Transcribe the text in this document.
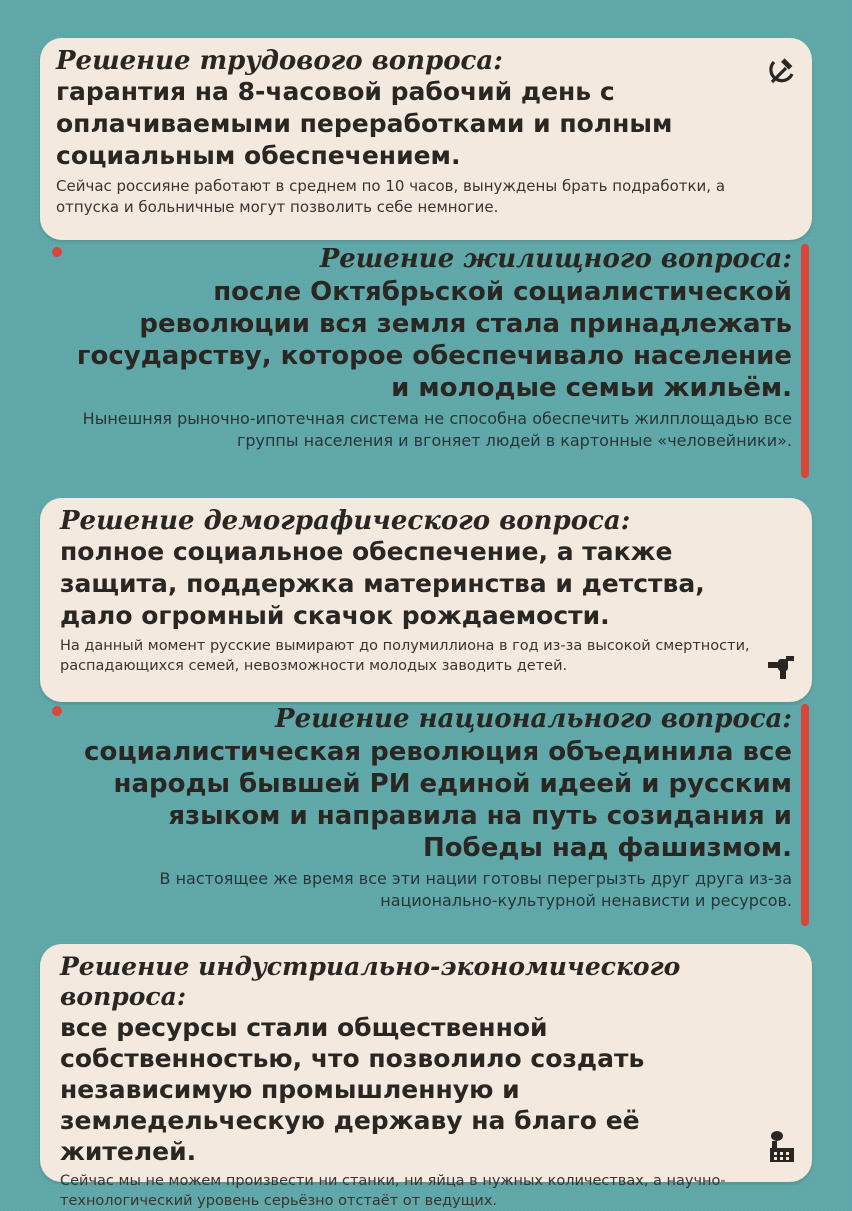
Решение трудового вопроса:

гарантия на 8-часовой рабочий день с оплачиваемыми переработками и полным социальным обеспечением.

Сейчас россияне работают в среднем по 10 часов, вынуждены брать подработки, а отпуска и больничные могут позволить себе немногие.

Решение жилищного вопроса:

после Октябрьской социалистической революции вся земля стала принадлежать государству, которое обеспечивало население и молодые семьи жильём.

Нынешняя рыночно-ипотечная система не способна обеспечить жилплощадью все группы населения и вгоняет людей в картонные «человейники».

Решение демографического вопроса:

полное социальное обеспечение, а также защита, поддержка материнства и детства, дало огромный скачок рождаемости.

На данный момент русские вымирают до полумиллиона в год из-за высокой смертности, распадающихся семей, невозможности молодых заводить детей.

Решение национального вопроса:

социалистическая революция объединила все народы бывшей РИ единой идеей и русским языком и направила на путь созидания и Победы над фашизмом.

В настоящее же время все эти нации готовы перегрызть друг друга из-за национально-культурной ненависти и ресурсов.

Решение индустриально-экономического вопроса:

все ресурсы стали общественной собственностью, что позволило создать независимую промышленную и земледельческую державу на благо её жителей.

Сейчас мы не можем произвести ни станки, ни яйца в нужных количествах, а научно-технологический уровень серьёзно отстаёт от ведущих.
